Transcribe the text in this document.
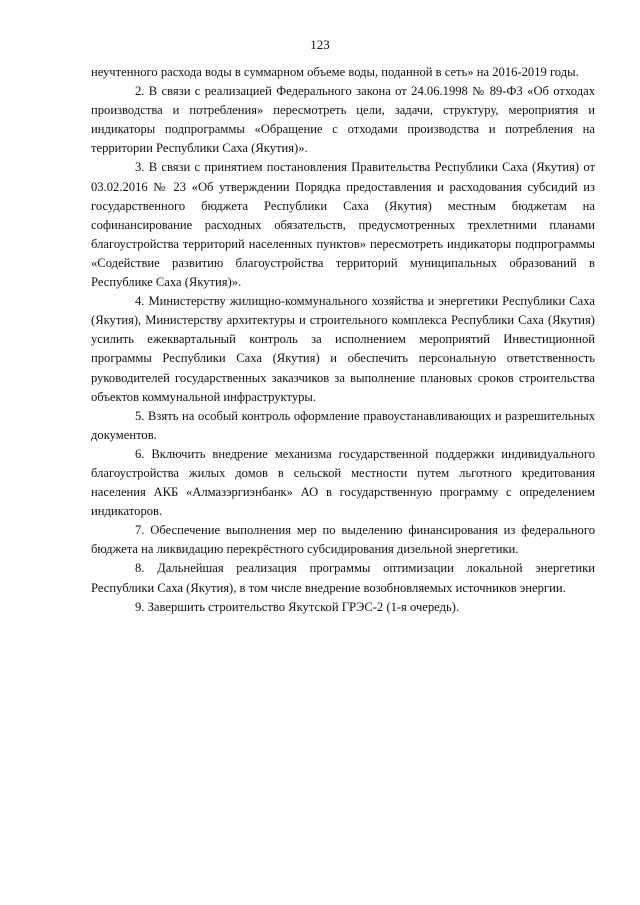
123

неучтенного расхода воды в суммарном объеме воды, поданной в сеть» на 2016-2019 годы.

2. В связи с реализацией Федерального закона от 24.06.1998 № 89-ФЗ «Об отходах производства и потребления» пересмотреть цели, задачи, структуру, мероприятия и индикаторы подпрограммы «Обращение с отходами производства и потребления на территории Республики Саха (Якутия)».

3. В связи с принятием постановления Правительства Республики Саха (Якутия) от 03.02.2016 № 23 «Об утверждении Порядка предоставления и расходования субсидий из государственного бюджета Республики Саха (Якутия) местным бюджетам на софинансирование расходных обязательств, предусмотренных трехлетними планами благоустройства территорий населенных пунктов» пересмотреть индикаторы подпрограммы «Содействие развитию благоустройства территорий муниципальных образований в Республике Саха (Якутия)».

4. Министерству жилищно-коммунального хозяйства и энергетики Республики Саха (Якутия), Министерству архитектуры и строительного комплекса Республики Саха (Якутия) усилить ежеквартальный контроль за исполнением мероприятий Инвестиционной программы Республики Саха (Якутия) и обеспечить персональную ответственность руководителей государственных заказчиков за выполнение плановых сроков строительства объектов коммунальной инфраструктуры.

5. Взять на особый контроль оформление правоустанавливающих и разрешительных документов.

6. Включить внедрение механизма государственной поддержки индивидуального благоустройства жилых домов в сельской местности путем льготного кредитования населения АКБ «Алмазэргиэнбанк» АО в государственную программу с определением индикаторов.

7. Обеспечение выполнения мер по выделению финансирования из федерального бюджета на ликвидацию перекрёстного субсидирования дизельной энергетики.

8. Дальнейшая реализация программы оптимизации локальной энергетики Республики Саха (Якутия), в том числе внедрение возобновляемых источников энергии.

9. Завершить строительство Якутской ГРЭС-2 (1-я очередь).
